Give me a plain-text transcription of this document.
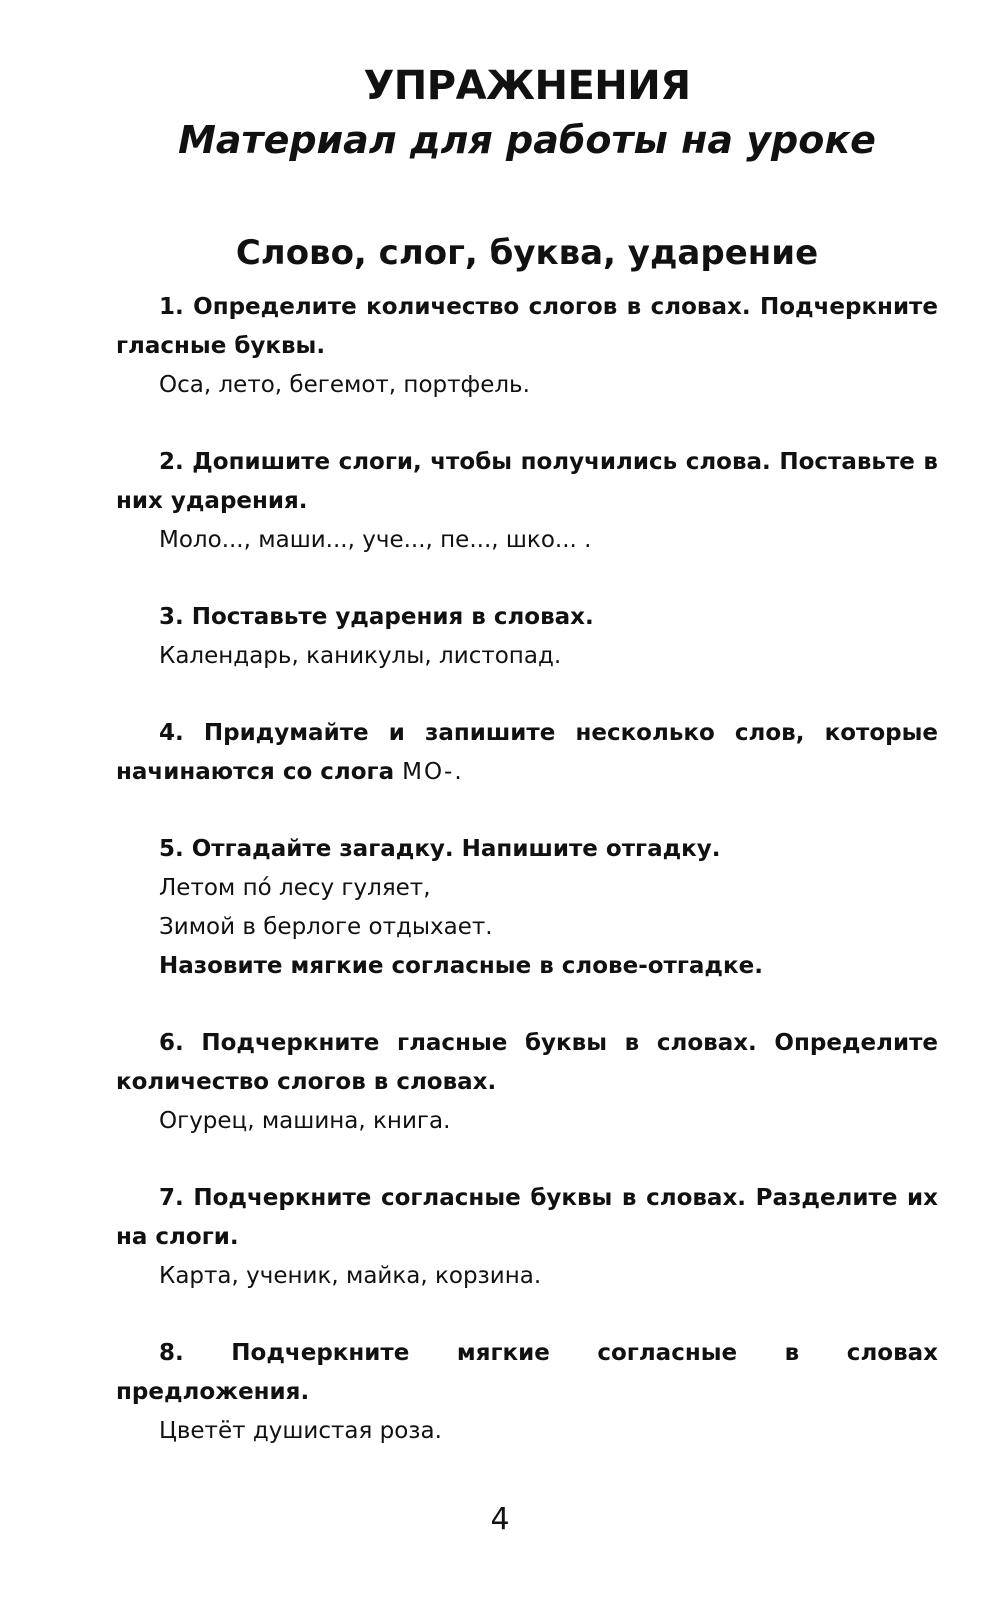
УПРАЖНЕНИЯ
Материал для работы на уроке
Слово, слог, буква, ударение

1. Определите количество слогов в словах. Подчеркните гласные буквы.

Оса, лето, бегемот, портфель.

2. Допишите слоги, чтобы получились слова. Поставьте в них ударения.

Моло..., маши..., уче..., пе..., шко... .

3. Поставьте ударения в словах.

Календарь, каникулы, листопад.

4. Придумайте и запишите несколько слов, которые начинаются со слога МО-.

5. Отгадайте загадку. Напишите отгадку.

Летом по́ лесу гуляет,

Зимой в берлоге отдыхает.

Назовите мягкие согласные в слове-отгадке.

6. Подчеркните гласные буквы в словах. Определите количество слогов в словах.

Огурец, машина, книга.

7. Подчеркните согласные буквы в словах. Разделите их на слоги.

Карта, ученик, майка, корзина.

8. Подчеркните мягкие согласные в словах предложения.

Цветёт душистая роза.

4
